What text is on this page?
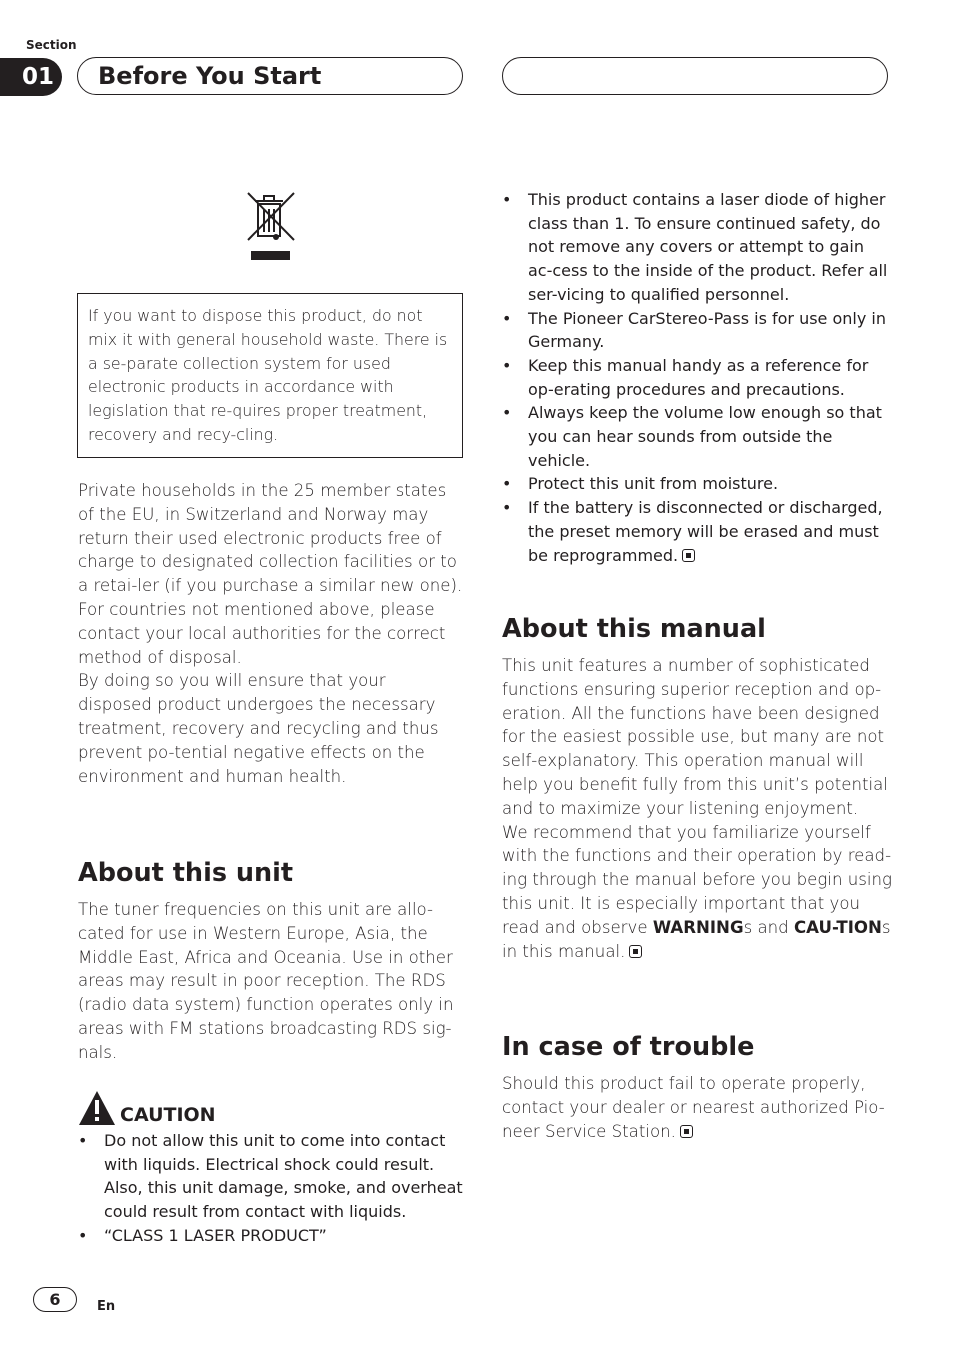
Section
01	Before You Start
If you want to dispose this product, do not mix it with general household waste. There is a se-parate collection system for used electronic products in accordance with legislation that re-quires proper treatment, recovery and recy-cling.

Private households in the 25 member states of the EU, in Switzerland and Norway may return their used electronic products free of charge to designated collection facilities or to a retai-ler (if you purchase a similar new one).

For countries not mentioned above, please contact your local authorities for the correct method of disposal.

By doing so you will ensure that your disposed product undergoes the necessary treatment, recovery and recycling and thus prevent po-tential negative effects on the environment and human health.

About this unit
The tuner frequencies on this unit are allo-cated for use in Western Europe, Asia, the Middle East, Africa and Oceania. Use in other areas may result in poor reception. The RDS (radio data system) function operates only in areas with FM stations broadcasting RDS sig-nals.
CAUTION
• Do not allow this unit to come into contact with liquids. Electrical shock could result. Also, this unit damage, smoke, and overheat could result from contact with liquids.
• “CLASS 1 LASER PRODUCT”
• This product contains a laser diode of higher class than 1. To ensure continued safety, do not remove any covers or attempt to gain ac-cess to the inside of the product. Refer all ser-vicing to qualified personnel.
• The Pioneer CarStereo-Pass is for use only in Germany.
• Keep this manual handy as a reference for op-erating procedures and precautions.
• Always keep the volume low enough so that you can hear sounds from outside the vehicle.
• Protect this unit from moisture.
• If the battery is disconnected or discharged, the preset memory will be erased and must be reprogrammed.
About this manual

This unit features a number of sophisticated functions ensuring superior reception and op-eration. All the functions have been designed for the easiest possible use, but many are not self-explanatory. This operation manual will help you benefit fully from this unit’s potential and to maximize your listening enjoyment.

We recommend that you familiarize yourself with the functions and their operation by read-ing through the manual before you begin using this unit. It is especially important that you read and observe WARNINGs and CAU-TIONs in this manual.

In case of trouble
Should this product fail to operate properly, contact your dealer or nearest authorized Pio-neer Service Station.
6	En
